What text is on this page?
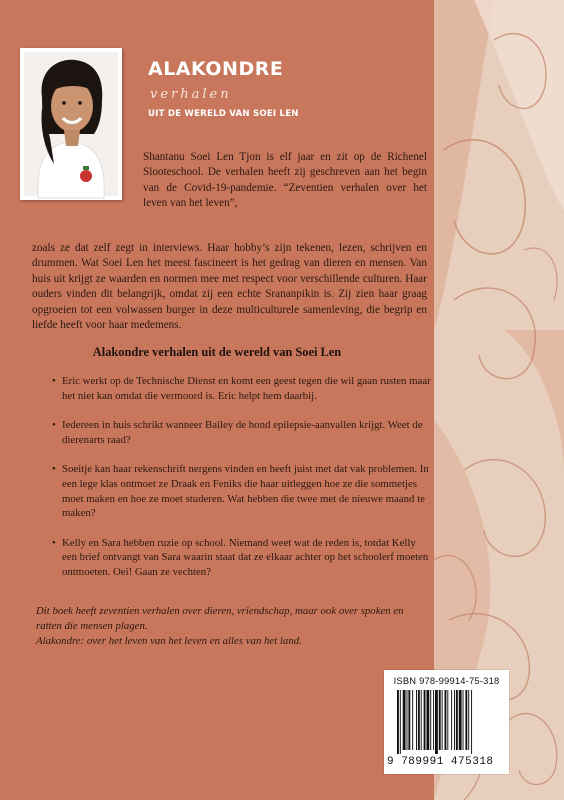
ALAKONDRE
verhalen
UIT DE WERELD VAN SOEI LEN
Shantanu Soei Len Tjon is elf jaar en zit op de Richenel Slooteschool. De verhalen heeft zij geschreven aan het begin van de Covid-19-pandemie. “Zeventien verhalen over het leven van het leven”,
zoals ze dat zelf zegt in interviews. Haar hobby’s zijn tekenen, lezen, schrijven en drummen. Wat Soei Len het meest fascineert is het gedrag van dieren en mensen. Van huis uit krijgt ze waarden en normen mee met respect voor verschillende culturen. Haar ouders vinden dit belangrijk, omdat zij een echte Srananpikin is. Zij zien haar graag opgroeien tot een volwassen burger in deze multiculturele samenleving, die begrip en liefde heeft voor haar medemens.
Alakondre verhalen uit de wereld van Soei Len
• Eric werkt op de Technische Dienst en komt een geest tegen die wil gaan rusten maar het niet kan omdat die vermoord is. Eric helpt hem daarbij.
• Iedereen in huis schrikt wanneer Bailey de hond epilepsie-aanvallen krijgt. Weet de dierenarts raad?
• Soeitje kan haar rekenschrift nergens vinden en heeft juist met dat vak problemen. In een lege klas ontmoet ze Draak en Feniks die haar uitleggen hoe ze die sommetjes moet maken en hoe ze moet studeren. Wat hebben die twee met de nieuwe maand te maken?
• Kelly en Sara hebben ruzie op school. Niemand weet wat de reden is, totdat Kelly een brief ontvangt van Sara waarin staat dat ze elkaar achter op het schoolerf moeten ontmoeten. Oei! Gaan ze vechten?
Dit boek heeft zeventien verhalen over dieren, vriendschap, maar ook over spoken en ratten die mensen plagen.
Alakondre: over het leven van het leven en alles van het land.
ISBN 978-99914-75-318
9 789991 475318
